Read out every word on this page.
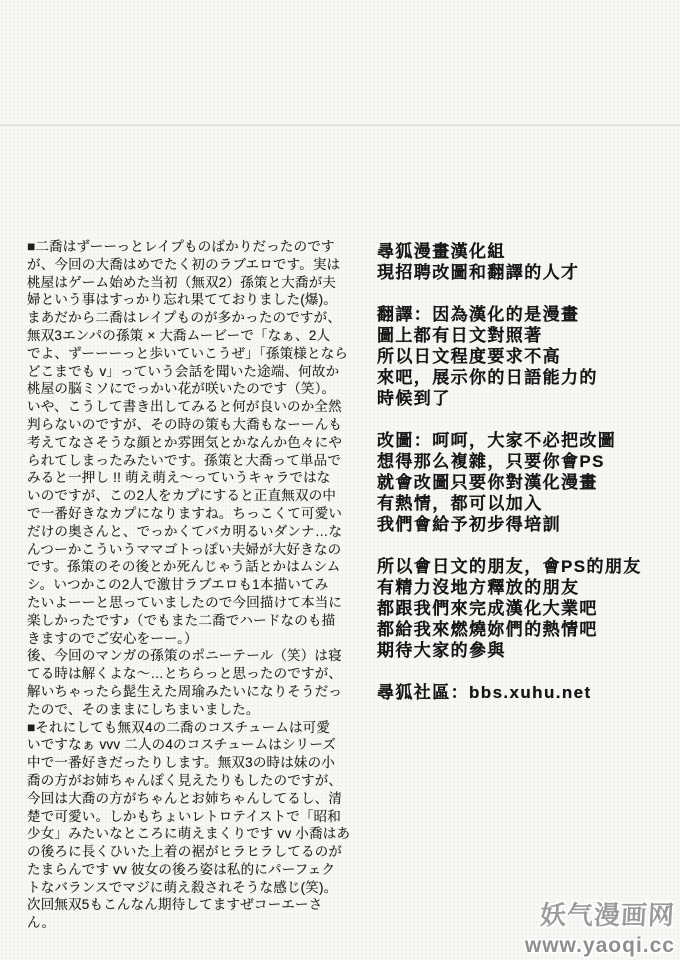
■二喬はずーーっとレイプものばかりだったのです
が、今回の大喬はめでたく初のラブエロです。実は
桃屋はゲーム始めた当初（無双2）孫策と大喬が夫
婦という事はすっかり忘れ果てておりました(爆)。
まあだから二喬はレイプものが多かったのですが、
無双3エンパの孫策 × 大喬ムービーで「なぁ、2人
でよ、ずーーーっと歩いていこうぜ」「孫策様となら
どこまでも v」っていう会話を聞いた途端、何故か
桃屋の脳ミソにでっかい花が咲いたのです（笑）。
いや、こうして書き出してみると何が良いのか全然
判らないのですが、その時の策も大喬もなーーんも
考えてなさそうな顔とか雰囲気とかなんか色々にや
られてしまったみたいです。孫策と大喬って単品で
みると一押し !! 萌え萌え〜っていうキャラではな
いのですが、この2人をカプにすると正直無双の中
で一番好きなカプになりますね。ちっこくて可愛い
だけの奥さんと、でっかくてバカ明るいダンナ…な
んつーかこういうママゴトっぽい夫婦が大好きなの
です。孫策のその後とか死んじゃう話とかはムシム
シ。いつかこの2人で激甘ラブエロも1本描いてみ
たいよーーと思っていましたので今回描けて本当に
楽しかったです♪（でもまた二喬でハードなのも描
きますのでご安心をーー。）
後、今回のマンガの孫策のポニーテール（笑）は寝
てる時は解くよな〜…とちらっと思ったのですが、
解いちゃったら髭生えた周瑜みたいになりそうだっ
たので、そのままにしちまいました。
■それにしても無双4の二喬のコスチュームは可愛
いですなぁ vvv 二人の4のコスチュームはシリーズ
中で一番好きだったりします。無双3の時は妹の小
喬の方がお姉ちゃんぽく見えたりもしたのですが、
今回は大喬の方がちゃんとお姉ちゃんしてるし、清
楚で可愛い。しかもちょいレトロテイストで「昭和
少女」みたいなところに萌えまくりです vv 小喬はあ
の後ろに長くひいた上着の裾がヒラヒラしてるのが
たまらんです vv 彼女の後ろ姿は私的にパーフェク
トなバランスでマジに萌え殺されそうな感じ(笑)。
次回無双5もこんなん期待してますぜコーエーさ
ん。
尋狐漫畫漢化組
現招聘改圖和翻譯的人才
翻譯：因為漢化的是漫畫
圖上都有日文對照著
所以日文程度要求不高
來吧，展示你的日語能力的
時候到了
改圖：呵呵，大家不必把改圖
想得那么複雜，只要你會PS
就會改圖只要你對漢化漫畫
有熱情，都可以加入
我們會給予初步得培訓
所以會日文的朋友，會PS的朋友
有精力沒地方釋放的朋友
都跟我們來完成漢化大業吧
都給我來燃燒妳們的熱情吧
期待大家的參與
尋狐社區：bbs.xuhu.net
妖气漫画网
www.yaoqi.cc
